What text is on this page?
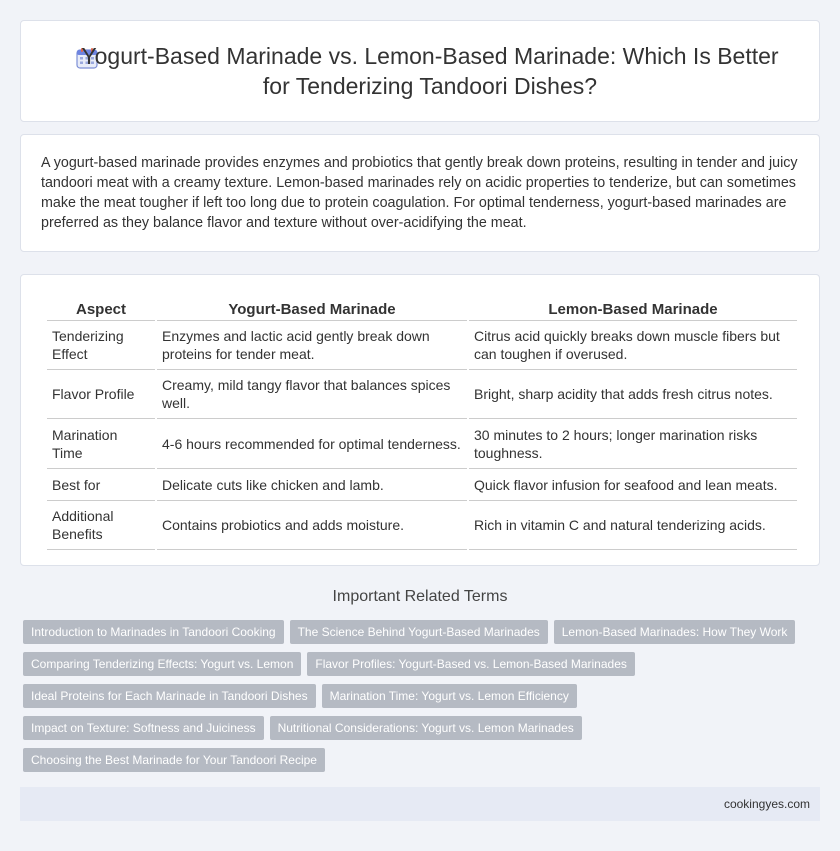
Yogurt-Based Marinade vs. Lemon-Based Marinade: Which Is Better for Tenderizing Tandoori Dishes?

A yogurt-based marinade provides enzymes and probiotics that gently break down proteins, resulting in tender and juicy tandoori meat with a creamy texture. Lemon-based marinades rely on acidic properties to tenderize, but can sometimes make the meat tougher if left too long due to protein coagulation. For optimal tenderness, yogurt-based marinades are preferred as they balance flavor and texture without over-acidifying the meat.

Aspect	Yogurt-Based Marinade	Lemon-Based Marinade
Tenderizing Effect	Enzymes and lactic acid gently break down proteins for tender meat.	Citrus acid quickly breaks down muscle fibers but can toughen if overused.
Flavor Profile	Creamy, mild tangy flavor that balances spices well.	Bright, sharp acidity that adds fresh citrus notes.
Marination Time	4-6 hours recommended for optimal tenderness.	30 minutes to 2 hours; longer marination risks toughness.
Best for	Delicate cuts like chicken and lamb.	Quick flavor infusion for seafood and lean meats.
Additional Benefits	Contains probiotics and adds moisture.	Rich in vitamin C and natural tenderizing acids.
Important Related Terms
Introduction to Marinades in Tandoori Cooking	The Science Behind Yogurt-Based Marinades	Lemon-Based Marinades: How They Work
Comparing Tenderizing Effects: Yogurt vs. Lemon	Flavor Profiles: Yogurt-Based vs. Lemon-Based Marinades
Ideal Proteins for Each Marinade in Tandoori Dishes	Marination Time: Yogurt vs. Lemon Efficiency
Impact on Texture: Softness and Juiciness	Nutritional Considerations: Yogurt vs. Lemon Marinades
Choosing the Best Marinade for Your Tandoori Recipe
cookingyes.com
